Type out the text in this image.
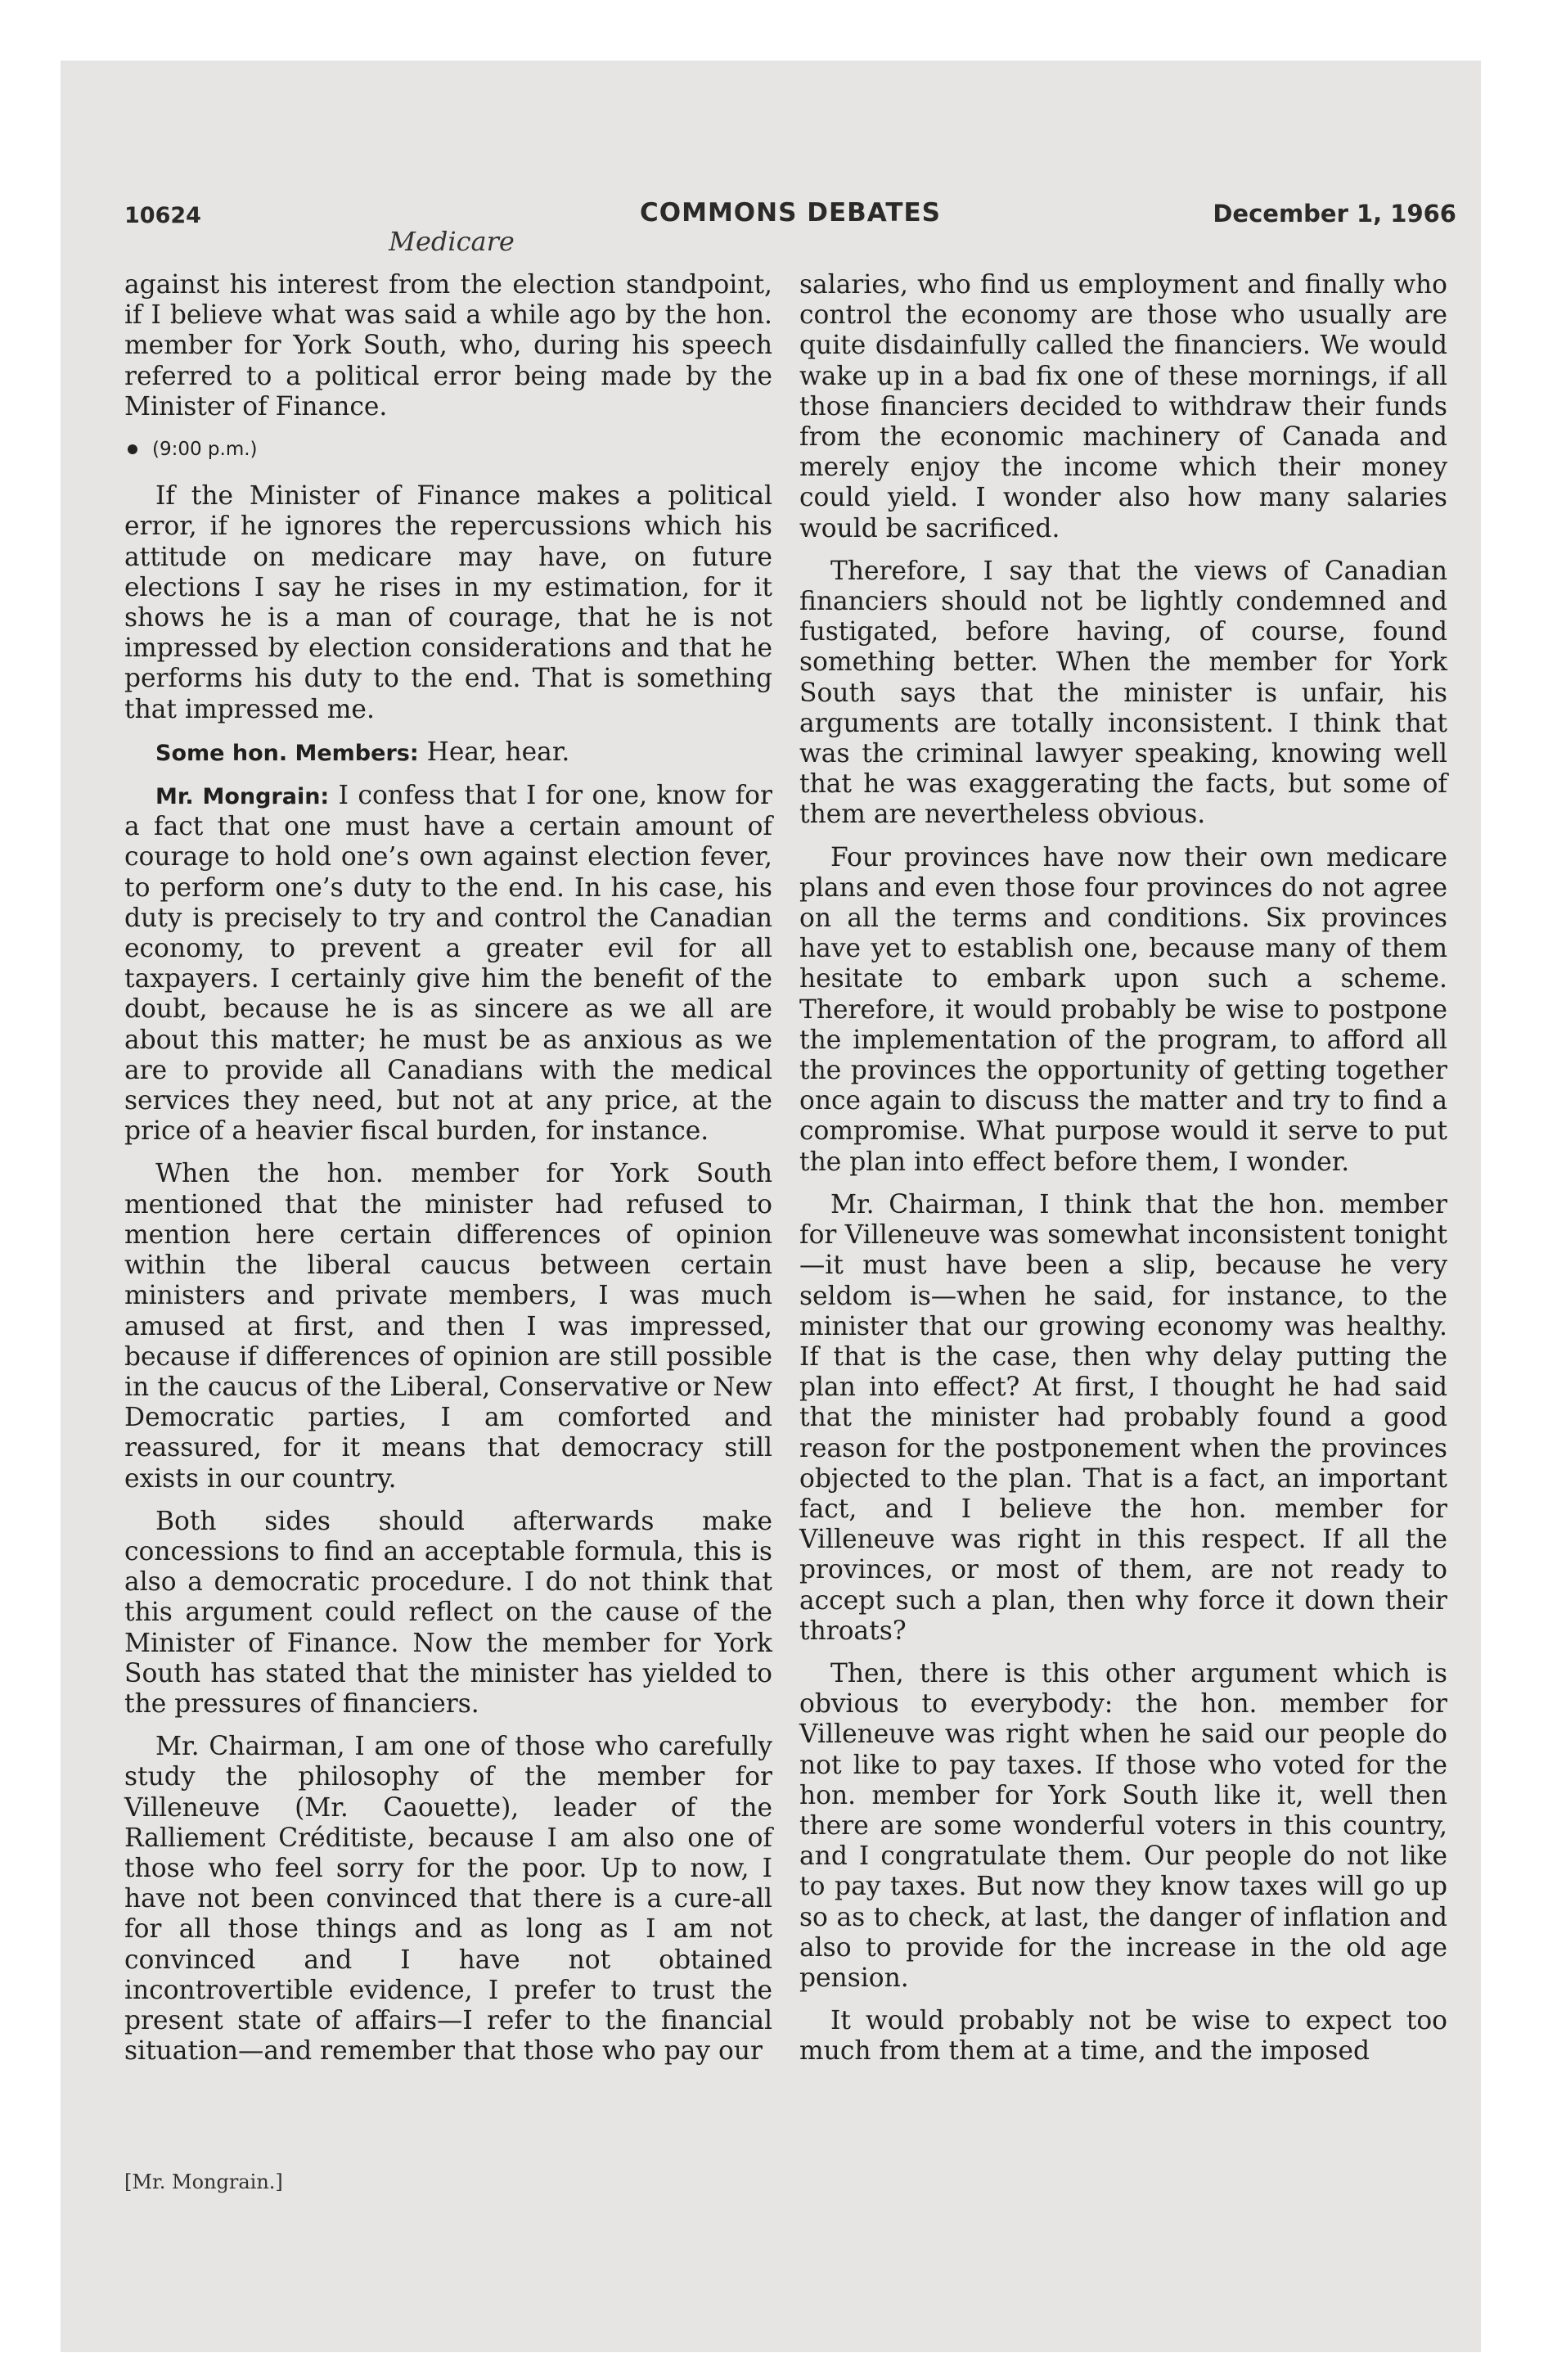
10624	COMMONS DEBATES	December 1, 1966
Medicare

against his interest from the election standpoint, if I believe what was said a while ago by the hon. member for York South, who, during his speech referred to a political error being made by the Minister of Finance.

(9:00 p.m.)

If the Minister of Finance makes a political error, if he ignores the repercussions which his attitude on medicare may have, on future elections I say he rises in my estimation, for it shows he is a man of courage, that he is not impressed by election considerations and that he performs his duty to the end. That is something that impressed me.

Some hon. Members: Hear, hear.

Mr. Mongrain: I confess that I for one, know for a fact that one must have a certain amount of courage to hold one’s own against election fever, to perform one’s duty to the end. In his case, his duty is precisely to try and control the Canadian economy, to prevent a greater evil for all taxpayers. I certainly give him the benefit of the doubt, because he is as sincere as we all are about this matter; he must be as anxious as we are to provide all Canadians with the medical services they need, but not at any price, at the price of a heavier fiscal burden, for instance.

When the hon. member for York South mentioned that the minister had refused to mention here certain differences of opinion within the liberal caucus between certain ministers and private members, I was much amused at first, and then I was impressed, because if differences of opinion are still possible in the caucus of the Liberal, Conservative or New Democratic parties, I am comforted and reassured, for it means that democracy still exists in our country.

Both sides should afterwards make concessions to find an acceptable formula, this is also a democratic procedure. I do not think that this argument could reflect on the cause of the Minister of Finance. Now the member for York South has stated that the minister has yielded to the pressures of financiers.

Mr. Chairman, I am one of those who carefully study the philosophy of the member for Villeneuve (Mr. Caouette), leader of the Ralliement Créditiste, because I am also one of those who feel sorry for the poor. Up to now, I have not been convinced that there is a cure-all for all those things and as long as I am not convinced and I have not obtained incontrovertible evidence, I prefer to trust the present state of affairs—I refer to the financial situation—and remember that those who pay our

salaries, who find us employment and finally who control the economy are those who usually are quite disdainfully called the financiers. We would wake up in a bad fix one of these mornings, if all those financiers decided to withdraw their funds from the economic machinery of Canada and merely enjoy the income which their money could yield. I wonder also how many salaries would be sacrificed.

Therefore, I say that the views of Canadian financiers should not be lightly condemned and fustigated, before having, of course, found something better. When the member for York South says that the minister is unfair, his arguments are totally inconsistent. I think that was the criminal lawyer speaking, knowing well that he was exaggerating the facts, but some of them are nevertheless obvious.

Four provinces have now their own medicare plans and even those four provinces do not agree on all the terms and conditions. Six provinces have yet to establish one, because many of them hesitate to embark upon such a scheme. Therefore, it would probably be wise to postpone the implementation of the program, to afford all the provinces the opportunity of getting together once again to discuss the matter and try to find a compromise. What purpose would it serve to put the plan into effect before them, I wonder.

Mr. Chairman, I think that the hon. member for Villeneuve was somewhat inconsistent tonight—it must have been a slip, because he very seldom is—when he said, for instance, to the minister that our growing economy was healthy. If that is the case, then why delay putting the plan into effect? At first, I thought he had said that the minister had probably found a good reason for the postponement when the provinces objected to the plan. That is a fact, an important fact, and I believe the hon. member for Villeneuve was right in this respect. If all the provinces, or most of them, are not ready to accept such a plan, then why force it down their throats?

Then, there is this other argument which is obvious to everybody: the hon. member for Villeneuve was right when he said our people do not like to pay taxes. If those who voted for the hon. member for York South like it, well then there are some wonderful voters in this country, and I congratulate them. Our people do not like to pay taxes. But now they know taxes will go up so as to check, at last, the danger of inflation and also to provide for the increase in the old age pension.

It would probably not be wise to expect too much from them at a time, and the imposed

[Mr. Mongrain.]
